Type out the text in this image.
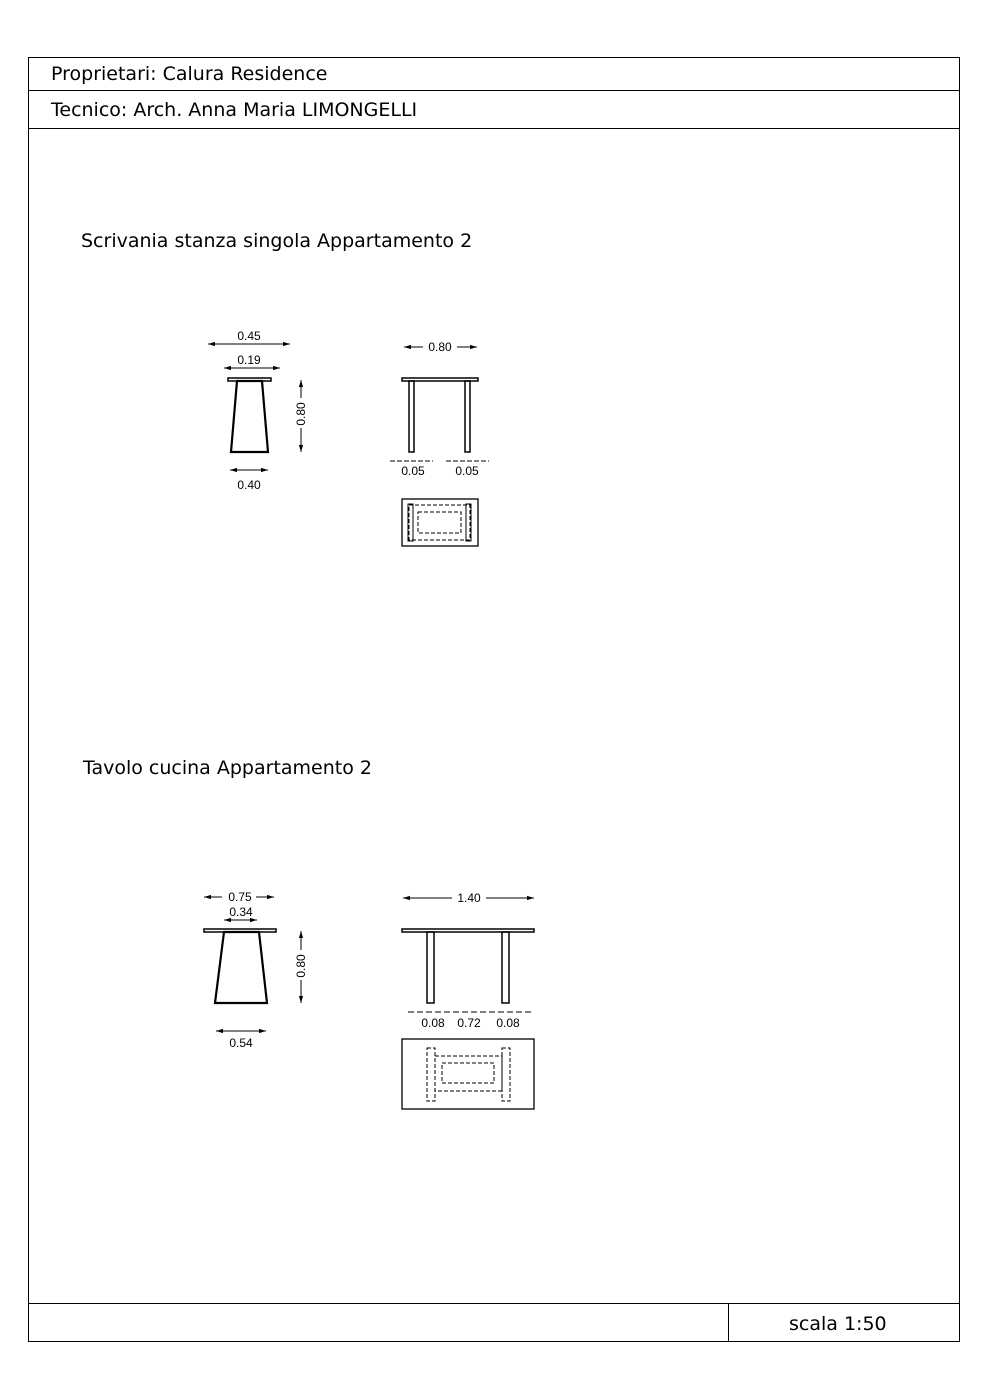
Proprietari: Calura Residence
Tecnico: Arch. Anna Maria LIMONGELLI
scala 1:50
Scrivania stanza singola Appartamento 2
Tavolo cucina Appartamento 2
0.45
0.19
0.40
0.80
0.80
0.05	0.05
0.75
0.34
0.54
0.80
1.40
0.08 0.72 0.08
